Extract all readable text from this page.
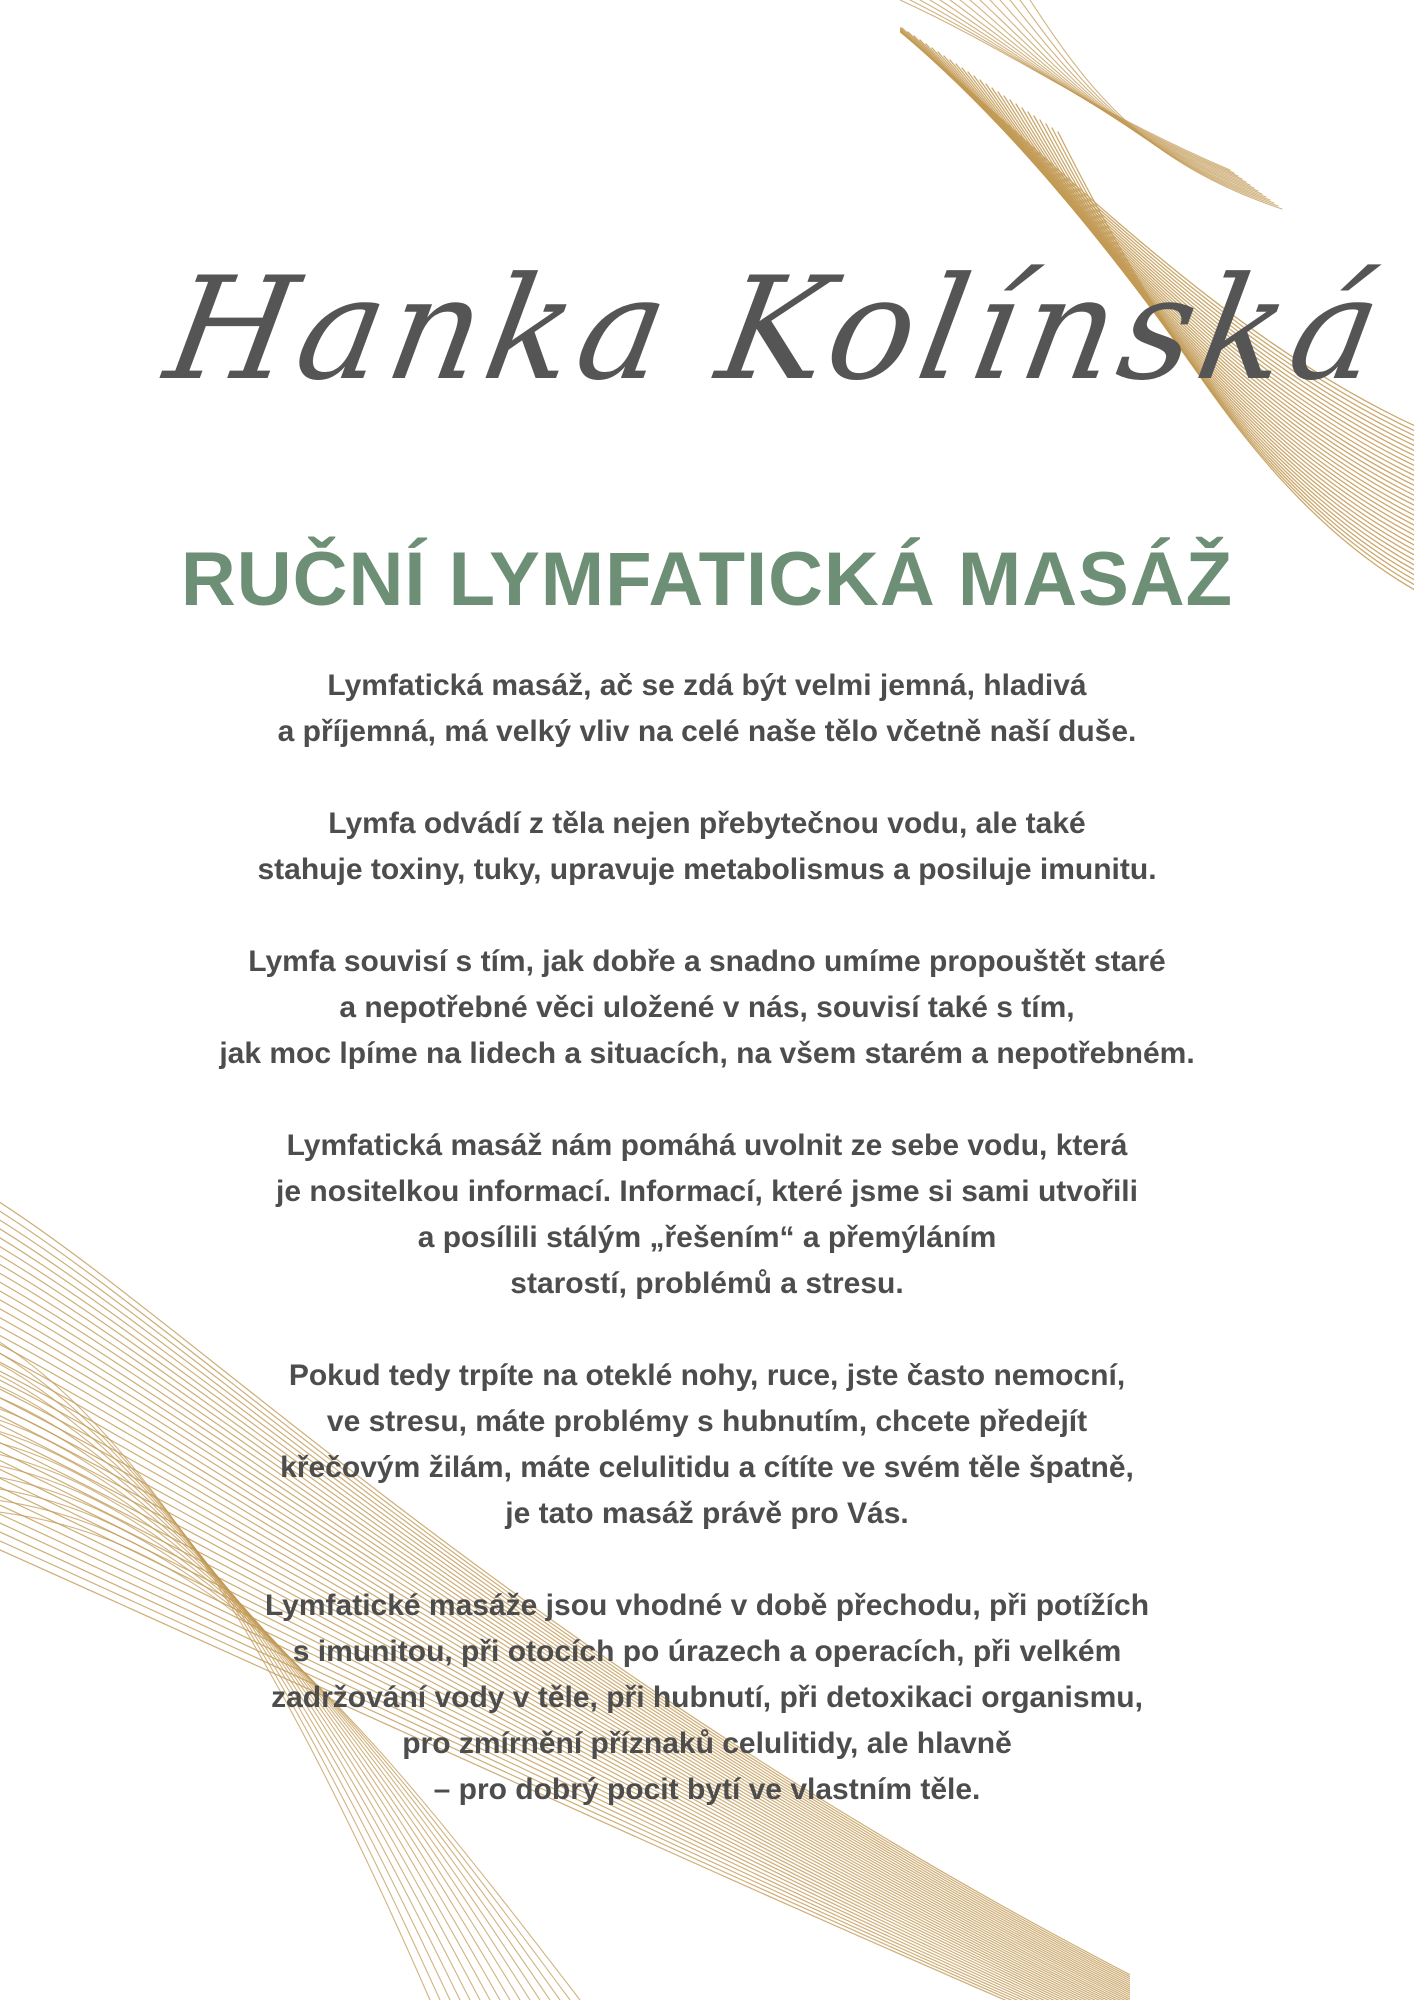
Hanka Kolínská
RUČNÍ LYMFATICKÁ MASÁŽ

Lymfatická masáž, ač se zdá být velmi jemná, hladivá
a příjemná, má velký vliv na celé naše tělo včetně naší duše.

Lymfa odvádí z těla nejen přebytečnou vodu, ale také
stahuje toxiny, tuky, upravuje metabolismus a posiluje imunitu.

Lymfa souvisí s tím, jak dobře a snadno umíme propouštět staré
a nepotřebné věci uložené v nás, souvisí také s tím,
jak moc lpíme na lidech a situacích, na všem starém a nepotřebném.

Lymfatická masáž nám pomáhá uvolnit ze sebe vodu, která
je nositelkou informací. Informací, které jsme si sami utvořili
a posílili stálým „řešením“ a přemýláním
starostí, problémů a stresu.

Pokud tedy trpíte na oteklé nohy, ruce, jste často nemocní,
ve stresu, máte problémy s hubnutím, chcete předejít
křečovým žilám, máte celulitidu a cítíte ve svém těle špatně,
je tato masáž právě pro Vás.

Lymfatické masáže jsou vhodné v době přechodu, při potížích
s imunitou, při otocích po úrazech a operacích, při velkém
zadržování vody v těle, při hubnutí, při detoxikaci organismu,
pro zmírnění příznaků celulitidy, ale hlavně
– pro dobrý pocit bytí ve vlastním těle.
